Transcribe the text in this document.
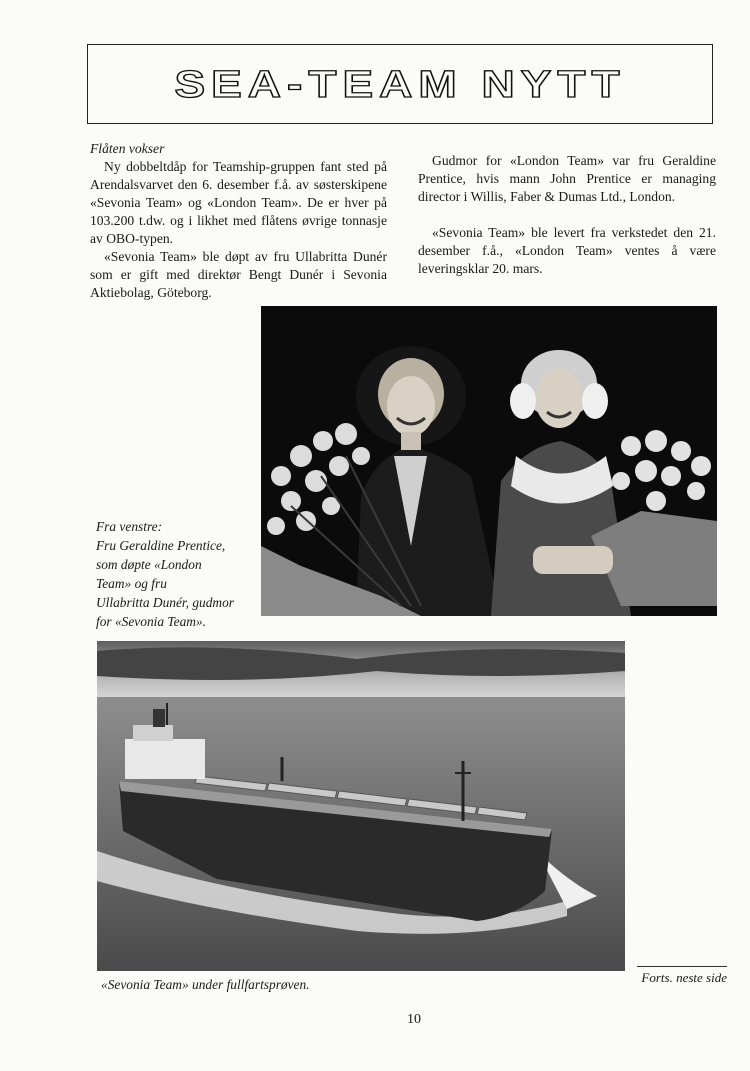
SEA-TEAM NYTT

Flåten vokser

Ny dobbeltdåp for Teamship-gruppen fant sted på Arendalsvarvet den 6. desember f.å. av søsterskipene «Sevonia Team» og «London Team». De er hver på 103.200 t.dw. og i likhet med flåtens øvrige tonnasje av OBO-typen.

«Sevonia Team» ble døpt av fru Ullabritta Dunér som er gift med direktør Bengt Dunér i Sevonia Aktiebolag, Göteborg.

Gudmor for «London Team» var fru Geraldine Prentice, hvis mann John Prentice er managing director i Willis, Faber & Dumas Ltd., London.

«Sevonia Team» ble levert fra verkstedet den 21. desember f.å., «London Team» ventes å være leveringsklar 20. mars.

Fra venstre:
Fru Geraldine Prentice,
som døpte «London
Team» og fru
Ullabritta Dunér, gudmor
for «Sevonia Team».
«Sevonia Team» under fullfartsprøven.	Forts. neste side
10
